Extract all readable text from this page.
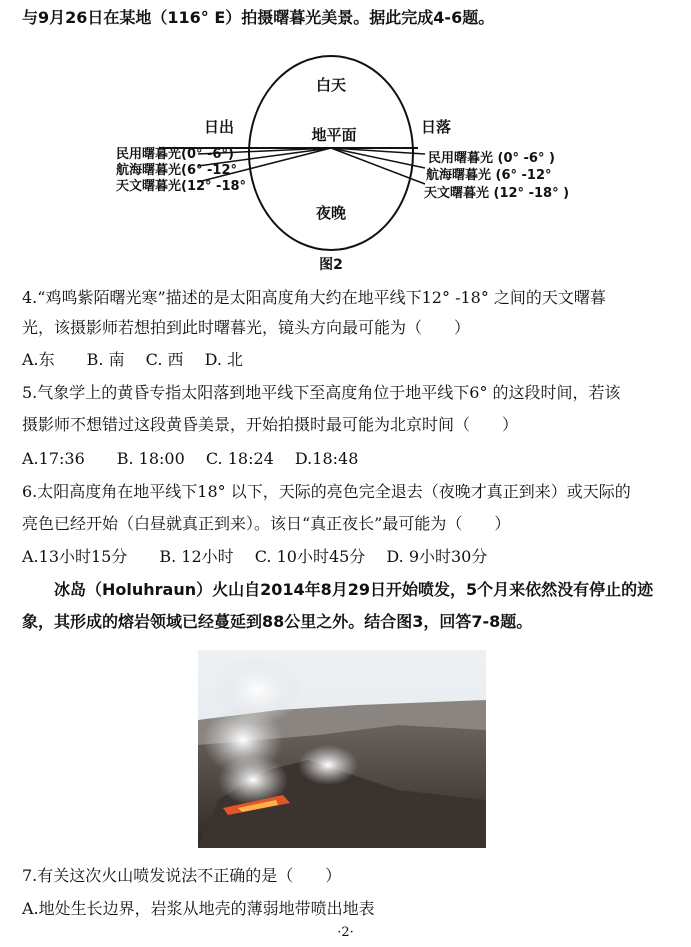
与9月26日在某地（116° E）拍摄曙暮光美景。据此完成4-6题。
白天
地平面
夜晚
日出	日落
民用曙暮光(0° -6°)
航海曙暮光(6° -12°
天文曙暮光(12° -18°
民用曙暮光 (0° -6° )
航海曙暮光 (6° -12°
天文曙暮光 (12° -18° )
图2
4.“鸡鸣紫陌曙光寒”描述的是太阳高度角大约在地平线下12° -18° 之间的天文曙暮
光，该摄影师若想拍到此时曙暮光，镜头方向最可能为（　　）
A.东　　B. 南　 C. 西　 D. 北
5.气象学上的黄昏专指太阳落到地平线下至高度角位于地平线下6° 的这段时间，若该
摄影师不想错过这段黄昏美景，开始拍摄时最可能为北京时间（　　）
A.17:36　　B. 18:00　 C. 18:24　 D.18:48
6.太阳高度角在地平线下18° 以下，天际的亮色完全退去（夜晚才真正到来）或天际的
亮色已经开始（白昼就真正到来）。该日“真正夜长”最可能为（　　）
A.13小时15分　　B. 12小时　 C. 10小时45分　 D. 9小时30分
　　冰岛（Holuhraun）火山自2014年8月29日开始喷发，5个月来依然没有停止的迹
象，其形成的熔岩领域已经蔓延到88公里之外。结合图3，回答7-8题。
7.有关这次火山喷发说法不正确的是（　　）
A.地处生长边界，岩浆从地壳的薄弱地带喷出地表
·2·
